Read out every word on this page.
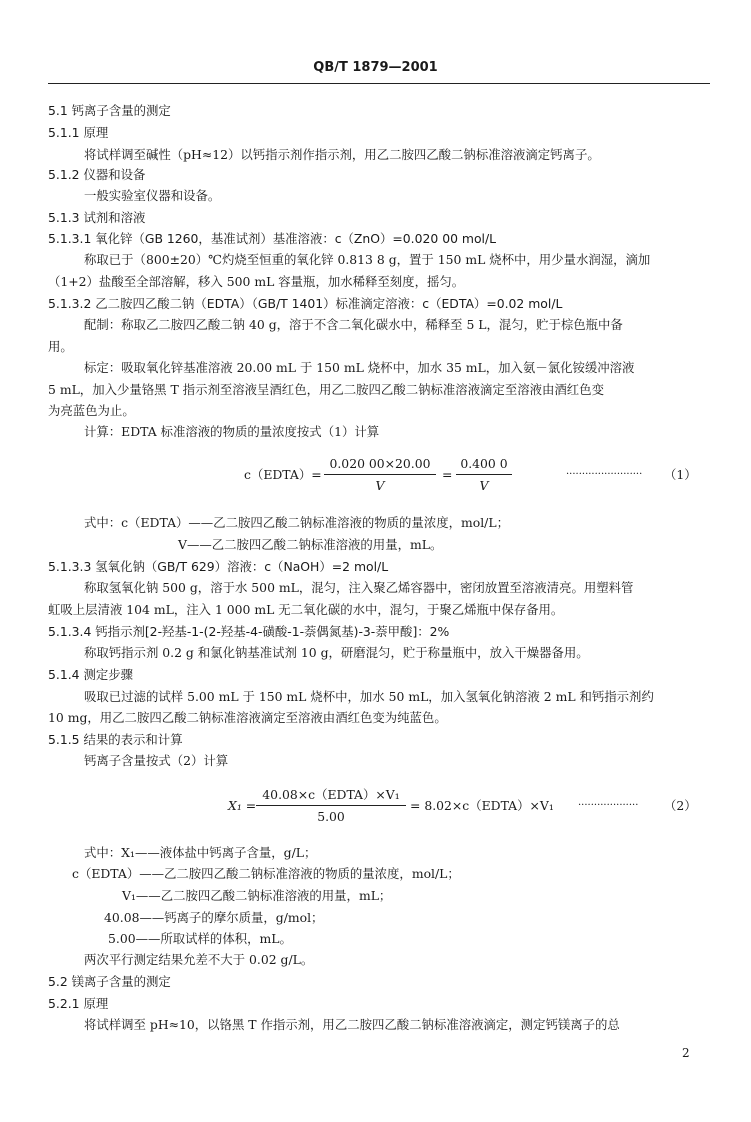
QB/T 1879—2001
5.1 钙离子含量的测定
5.1.1 原理
将试样调至碱性（pH≈12）以钙指示剂作指示剂，用乙二胺四乙酸二钠标准溶液滴定钙离子。
5.1.2 仪器和设备
一般实验室仪器和设备。
5.1.3 试剂和溶液
5.1.3.1 氧化锌（GB 1260，基准试剂）基准溶液：c（ZnO）=0.020 00 mol/L
称取已于（800±20）℃灼烧至恒重的氧化锌 0.813 8 g，置于 150 mL 烧杯中，用少量水润湿，滴加
（1+2）盐酸至全部溶解，移入 500 mL 容量瓶，加水稀释至刻度，摇匀。
5.1.3.2 乙二胺四乙酸二钠（EDTA）（GB/T 1401）标准滴定溶液：c（EDTA）=0.02 mol/L
配制：称取乙二胺四乙酸二钠 40 g，溶于不含二氧化碳水中，稀释至 5 L，混匀，贮于棕色瓶中备
用。
标定：吸取氧化锌基准溶液 20.00 mL 于 150 mL 烧杯中，加水 35 mL，加入氨－氯化铵缓冲溶液
5 mL，加入少量铬黑 T 指示剂至溶液呈酒红色，用乙二胺四乙酸二钠标准溶液滴定至溶液由酒红色变
为亮蓝色为止。
计算：EDTA 标准溶液的物质的量浓度按式（1）计算
c（EDTA）=
0.020 00×20.00
V
=
0.400 0
V
························ （1）
式中：c（EDTA）——乙二胺四乙酸二钠标准溶液的物质的量浓度，mol/L；
V——乙二胺四乙酸二钠标准溶液的用量，mL。
5.1.3.3 氢氧化钠（GB/T 629）溶液：c（NaOH）=2 mol/L
称取氢氧化钠 500 g，溶于水 500 mL，混匀，注入聚乙烯容器中，密闭放置至溶液清亮。用塑料管
虹吸上层清液 104 mL，注入 1 000 mL 无二氧化碳的水中，混匀，于聚乙烯瓶中保存备用。
5.1.3.4 钙指示剂[2-羟基-1-(2-羟基-4-磺酸-1-萘偶氮基)-3-萘甲酸]：2%
称取钙指示剂 0.2 g 和氯化钠基准试剂 10 g，研磨混匀，贮于称量瓶中，放入干燥器备用。
5.1.4 测定步骤
吸取已过滤的试样 5.00 mL 于 150 mL 烧杯中，加水 50 mL，加入氢氧化钠溶液 2 mL 和钙指示剂约
10 mg，用乙二胺四乙酸二钠标准溶液滴定至溶液由酒红色变为纯蓝色。
5.1.5 结果的表示和计算
钙离子含量按式（2）计算
X₁ =
40.08×c（EDTA）×V₁
5.00
= 8.02×c（EDTA）×V₁ ··················· （2）
式中：X₁——液体盐中钙离子含量，g/L；
c（EDTA）——乙二胺四乙酸二钠标准溶液的物质的量浓度，mol/L；
V₁——乙二胺四乙酸二钠标准溶液的用量，mL；
40.08——钙离子的摩尔质量，g/mol；
5.00——所取试样的体积，mL。
两次平行测定结果允差不大于 0.02 g/L。
5.2 镁离子含量的测定
5.2.1 原理
将试样调至 pH≈10，以铬黑 T 作指示剂，用乙二胺四乙酸二钠标准溶液滴定，测定钙镁离子的总
2
